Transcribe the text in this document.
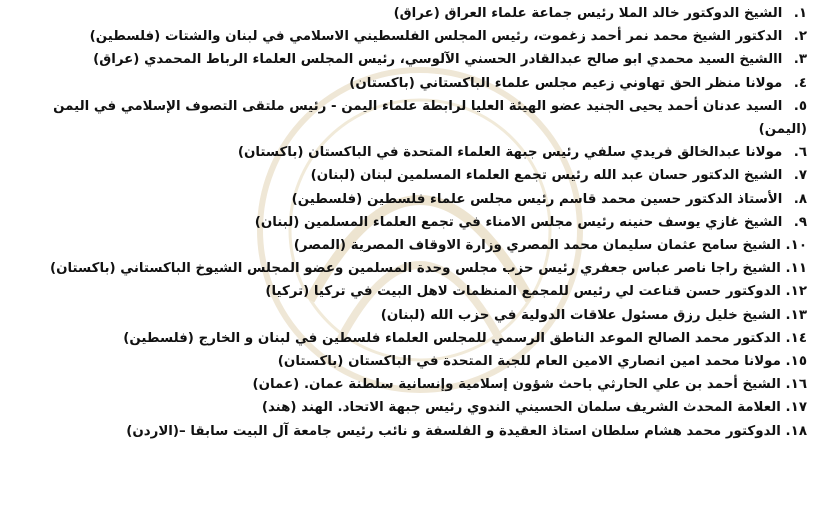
١. الشيخ الدوكتور خالد الملا رئيس جماعة علماء العراق (عراق)
٢. الدكتور الشيخ محمد نمر أحمد زغموت، رئيس المجلس الفلسطيني الاسلامي في لبنان والشتات (فلسطين)
٣. االشيخ السيد محمدي ابو صالح عبدالقادر الحسني الآلوسي، رئيس المجلس العلماء الرباط المحمدي (عراق)
٤. مولانا منظر الحق تهاوني زعيم مجلس علماء الباكستاني (باكستان)
٥. السيد عدنان أحمد يحيى الجنيد عضو الهيئة العليا لرابطة علماء اليمن - رئيس ملتقى التصوف الإسلامي في اليمن (اليمن)
٦. مولانا عبدالخالق فريدي سلفي رئيس جبهة العلماء المتحدة في الباكستان (باكستان)
٧. الشيخ الدكتور حسان عبد الله رئيس تجمع العلماء المسلمين لبنان (لبنان)
٨. الأستاذ الدكتور حسين محمد قاسم رئيس مجلس علماء فلسطين (فلسطين)
٩. الشيخ غازي يوسف حنينه رئيس مجلس الامناء في تجمع العلماء المسلمين (لبنان)
١٠. الشيخ سامح عثمان سليمان محمد المصري وزارة الاوقاف المصرية (المصر)
١١. الشيخ راجا ناصر عباس جعفري رئيس حزب مجلس وحدة المسلمين وعضو المجلس الشيوخ الباكستاني (باكستان)
١٢. الدوكتور حسن قناعت لي رئيس للمجمع المنظمات لاهل البيت في تركيا (تركيا)
١٣. الشيخ خليل رزق مسئول علاقات الدولية في حزب الله (لبنان)
١٤. الدكتور محمد الصالح الموعد الناطق الرسمي للمجلس العلماء فلسطين في لبنان و الخارج (فلسطين)
١٥. مولانا محمد امين انصاري الامين العام للجبة المتحدة في الباكستان (باكستان)
١٦. الشيخ أحمد بن علي الحارثي باحث شؤون إسلامية وإنسانية سلطنة عمان. (عمان)
١٧. العلامة المحدث الشريف سلمان الحسيني الندوي رئيس جبهة الاتحاد. الهند (هند)
١٨. الدوكتور محمد هشام سلطان استاذ العقيدة و الفلسفة و نائب رئيس جامعة آل البيت سابقا –(الاردن)
